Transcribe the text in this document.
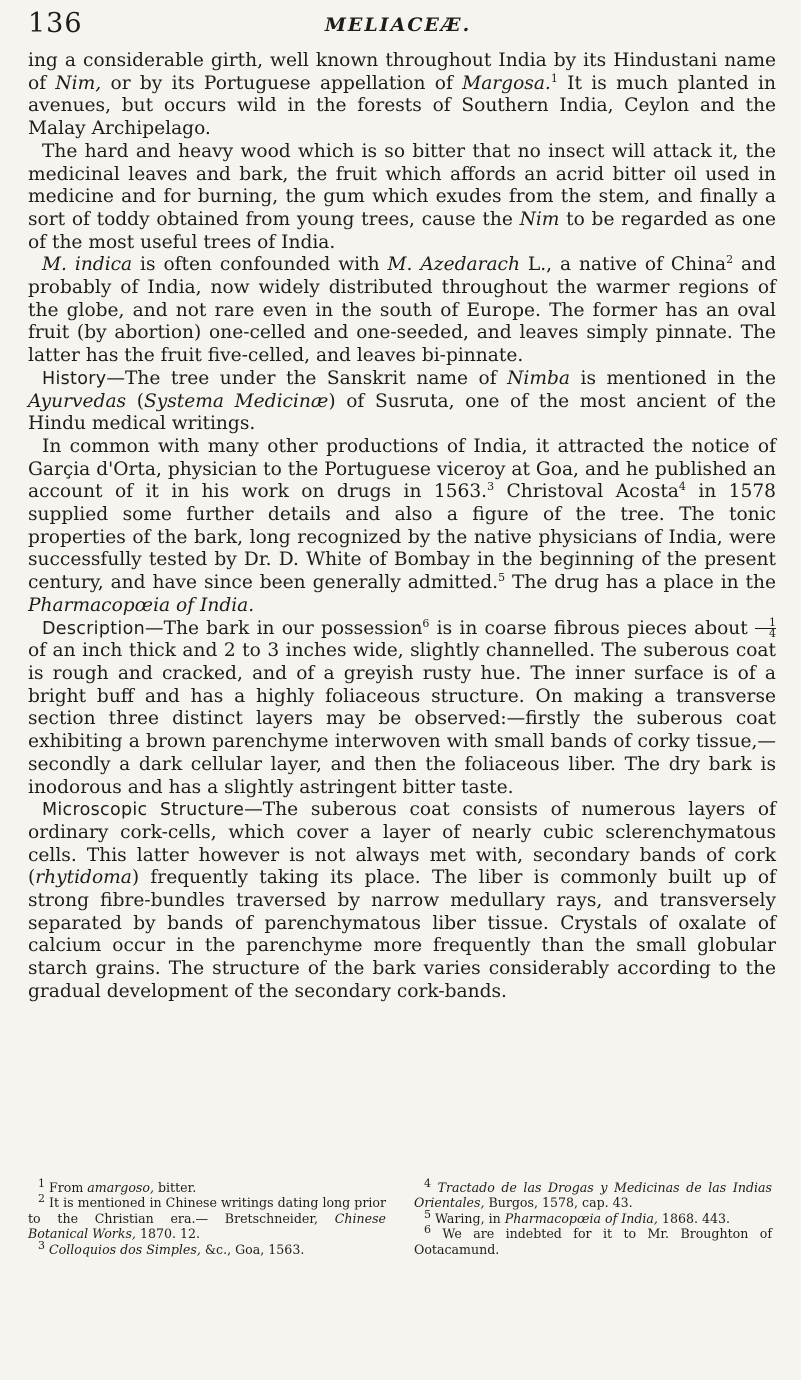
136	MELIACEÆ.

ing a considerable girth, well known throughout India by its Hindustani name of Nim, or by its Portuguese appellation of Margosa.$^1$ It is much planted in avenues, but occurs wild in the forests of Southern India, Ceylon and the Malay Archipelago.

The hard and heavy wood which is so bitter that no insect will attack it, the medicinal leaves and bark, the fruit which affords an acrid bitter oil used in medicine and for burning, the gum which exudes from the stem, and finally a sort of toddy obtained from young trees, cause the Nim to be regarded as one of the most useful trees of India.

M. indica is often confounded with M. Azedarach L., a native of China$^2$ and probably of India, now widely distributed throughout the warmer regions of the globe, and not rare even in the south of Europe. The former has an oval fruit (by abortion) one-celled and one-seeded, and leaves simply pinnate. The latter has the fruit five-celled, and leaves bi-pinnate.

History—The tree under the Sanskrit name of Nimba is mentioned in the Ayurvedas (Systema Medicinæ) of Susruta, one of the most ancient of the Hindu medical writings.

In common with many other productions of India, it attracted the notice of Garçia d'Orta, physician to the Portuguese viceroy at Goa, and he published an account of it in his work on drugs in 1563.$^3$ Christoval Acosta$^4$ in 1578 supplied some further details and also a figure of the tree. The tonic properties of the bark, long recognized by the native physicians of India, were successfully tested by Dr. D. White of Bombay in the beginning of the present century, and have since been generally admitted.$^5$ The drug has a place in the Pharmacopœia of India.

Description—The bark in our possession$^6$ is in coarse fibrous pieces about $\frac{1}{4}$
of an inch thick and 2 to 3 inches wide, slightly channelled. The suberous coat is rough and cracked, and of a greyish rusty hue. The inner surface is of a bright buff and has a highly foliaceous structure. On making a transverse section three distinct layers may be observed:—firstly the suberous coat exhibiting a brown parenchyme interwoven with small bands of corky tissue,—secondly a dark cellular layer, and then the foliaceous liber. The dry bark is inodorous and has a slightly astringent bitter taste.

Microscopic Structure—The suberous coat consists of numerous layers of ordinary cork-cells, which cover a layer of nearly cubic sclerenchymatous cells. This latter however is not always met with, secondary bands of cork (rhytidoma) frequently taking its place. The liber is commonly built up of strong fibre-bundles traversed by narrow medullary rays, and transversely separated by bands of parenchymatous liber tissue. Crystals of oxalate of calcium occur in the parenchyme more frequently than the small globular starch grains. The structure of the bark varies considerably according to the gradual development of the secondary cork-bands.

$^1$ From amargoso, bitter.

$^2$ It is mentioned in Chinese writings dating long prior to the Christian era.— Bretschneider, Chinese Botanical Works, 1870. 12.

$^3$ Colloquios dos Simples, &c., Goa, 1563.

$^4$ Tractado de las Drogas y Medicinas de las Indias Orientales, Burgos, 1578, cap. 43.

$^5$ Waring, in Pharmacopœia of India, 1868. 443.

$^6$ We are indebted for it to Mr. Broughton of Ootacamund.
